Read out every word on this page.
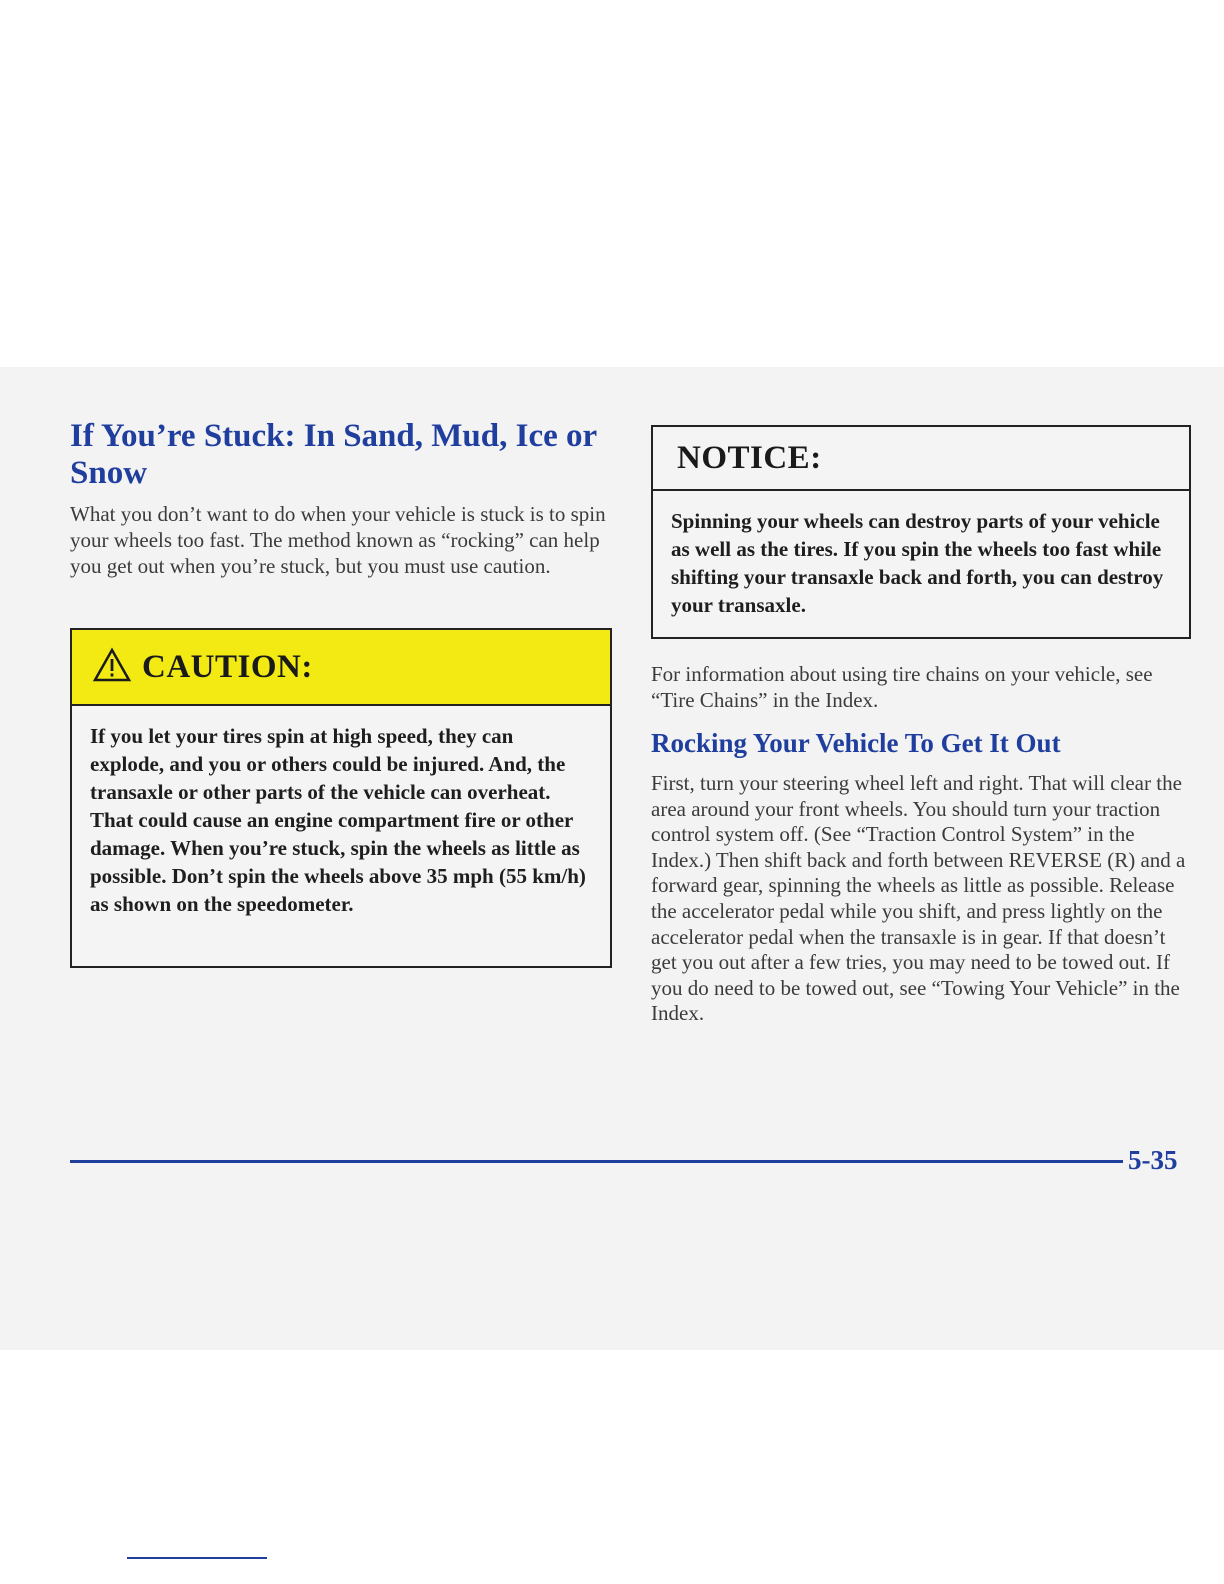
If You’re Stuck: In Sand, Mud, Ice or Snow

What you don’t want to do when your vehicle is stuck is to spin your wheels too fast. The method known as “rocking” can help you get out when you’re stuck, but you must use caution.

CAUTION:

If you let your tires spin at high speed, they can explode, and you or others could be injured. And, the transaxle or other parts of the vehicle can overheat. That could cause an engine compartment fire or other damage. When you’re stuck, spin the wheels as little as possible. Don’t spin the wheels above 35 mph (55 km/h) as shown on the speedometer.

NOTICE:

Spinning your wheels can destroy parts of your vehicle as well as the tires. If you spin the wheels too fast while shifting your transaxle back and forth, you can destroy your transaxle.

For information about using tire chains on your vehicle, see “Tire Chains” in the Index.

Rocking Your Vehicle To Get It Out

First, turn your steering wheel left and right. That will clear the area around your front wheels. You should turn your traction control system off. (See “Traction Control System” in the Index.) Then shift back and forth between REVERSE (R) and a forward gear, spinning the wheels as little as possible. Release the accelerator pedal while you shift, and press lightly on the accelerator pedal when the transaxle is in gear. If that doesn’t get you out after a few tries, you may need to be towed out. If you do need to be towed out, see “Towing Your Vehicle” in the Index.

5-35
